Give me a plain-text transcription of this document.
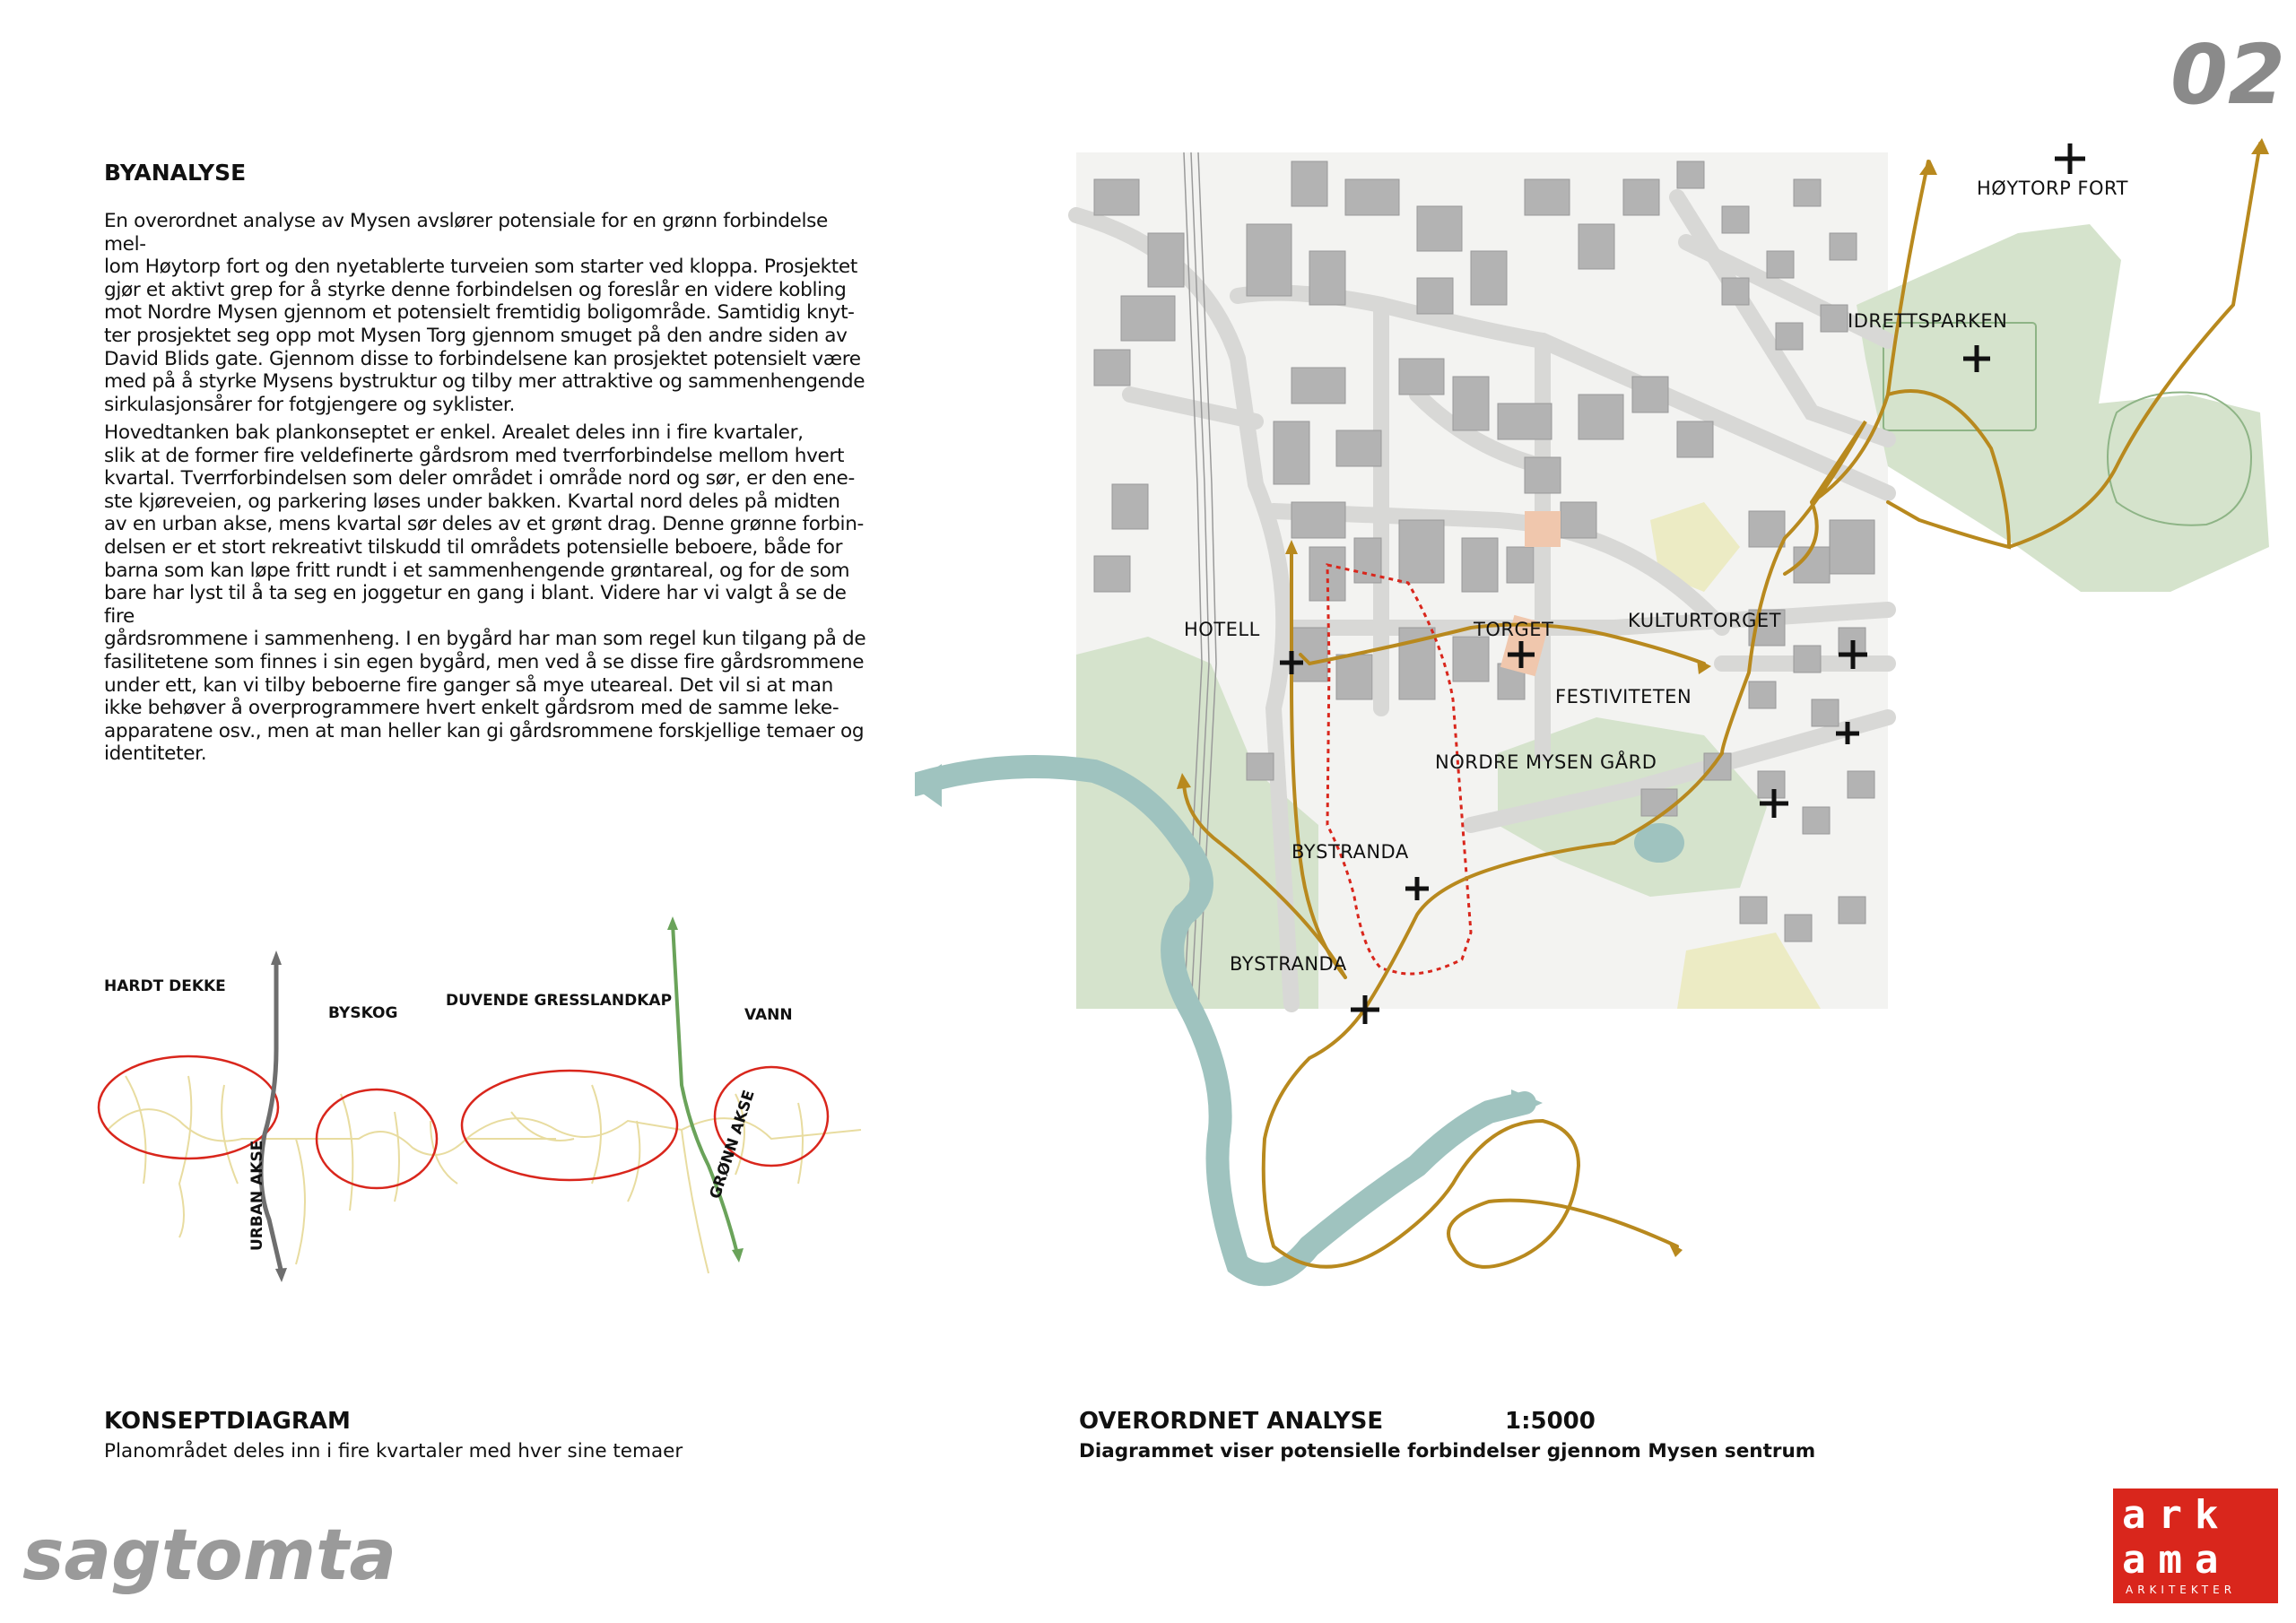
02
BYANALYSE
En overordnet analyse av Mysen avslører potensiale for en grønn forbindelse mel-
lom Høytorp fort og den nyetablerte turveien som starter ved kloppa. Prosjektet
gjør et aktivt grep for å styrke denne forbindelsen og foreslår en videre kobling
mot Nordre Mysen gjennom et potensielt fremtidig boligområde. Samtidig knyt-
ter prosjektet seg opp mot Mysen Torg gjennom smuget på den andre siden av
David Blids gate. Gjennom disse to forbindelsene kan prosjektet potensielt være
med på å styrke Mysens bystruktur og tilby mer attraktive og sammenhengende
sirkulasjonsårer for fotgjengere og syklister.
Hovedtanken bak plankonseptet er enkel. Arealet deles inn i fire kvartaler,
slik at de former fire veldefinerte gårdsrom med tverrforbindelse mellom hvert
kvartal. Tverrforbindelsen som deler området i område nord og sør, er den ene-
ste kjøreveien, og parkering løses under bakken. Kvartal nord deles på midten
av en urban akse, mens kvartal sør deles av et grønt drag. Denne grønne forbin-
delsen er et stort rekreativt tilskudd til områdets potensielle beboere, både for
barna som kan løpe fritt rundt i et sammenhengende grøntareal, og for de som
bare har lyst til å ta seg en joggetur en gang i blant. Videre har vi valgt å se de fire
gårdsrommene i sammenheng. I en bygård har man som regel kun tilgang på de
fasilitetene som finnes i sin egen bygård, men ved å se disse fire gårdsrommene
under ett, kan vi tilby beboerne fire ganger så mye uteareal. Det vil si at man
ikke behøver å overprogrammere hvert enkelt gårdsrom med de samme leke-
apparatene osv., men at man heller kan gi gårdsrommene forskjellige temaer og
identiteter.
URBAN AKSE	GRØNN AKSE
HARDT DEKKE
BYSKOG
DUVENDE GRESSLANDKAP
VANN
KONSEPTDIAGRAM
Planområdet deles inn i fire kvartaler med hver sine temaer
HØYTORP FORT
IDRETTSPARKEN
KULTURTORGET
TORGET
HOTELL
FESTIVITETEN
NORDRE MYSEN GÅRD
BYSTRANDA
BYSTRANDA
OVERORDNET ANALYSE	1:5000
Diagrammet viser potensielle forbindelser gjennom Mysen sentrum
sagtomta
ark
ama
ARKITEKTER
